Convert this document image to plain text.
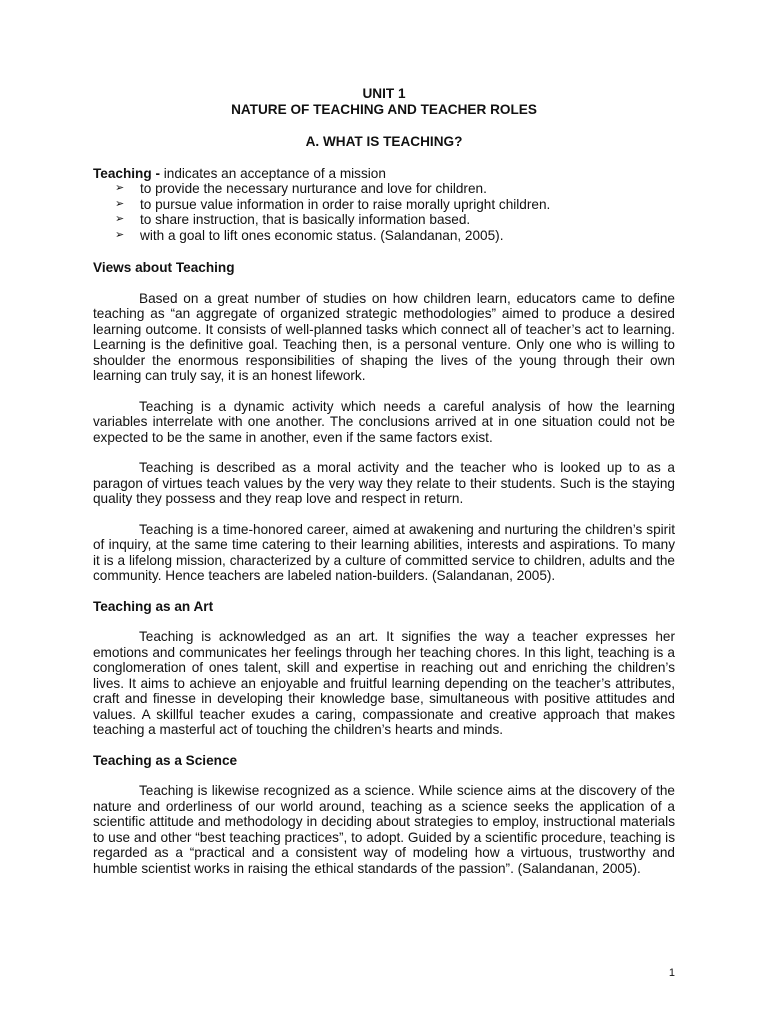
UNIT 1
NATURE OF TEACHING AND TEACHER ROLES
A. WHAT IS TEACHING?

Teaching - indicates an acceptance of a mission

➢	to provide the necessary nurturance and love for children.
➢	to pursue value information in order to raise morally upright children.
➢	to share instruction, that is basically information based.
➢	with a goal to lift ones economic status. (Salandanan, 2005).
Views about Teaching

Based on a great number of studies on how children learn, educators came to define teaching as “an aggregate of organized strategic methodologies” aimed to produce a desired learning outcome. It consists of well-planned tasks which connect all of teacher’s act to learning. Learning is the definitive goal. Teaching then, is a personal venture. Only one who is willing to shoulder the enormous responsibilities of shaping the lives of the young through their own learning can truly say, it is an honest lifework.

Teaching is a dynamic activity which needs a careful analysis of how the learning variables interrelate with one another. The conclusions arrived at in one situation could not be expected to be the same in another, even if the same factors exist.

Teaching is described as a moral activity and the teacher who is looked up to as a paragon of virtues teach values by the very way they relate to their students. Such is the staying quality they possess and they reap love and respect in return.

Teaching is a time-honored career, aimed at awakening and nurturing the children’s spirit of inquiry, at the same time catering to their learning abilities, interests and aspirations. To many it is a lifelong mission, characterized by a culture of committed service to children, adults and the community. Hence teachers are labeled nation-builders. (Salandanan, 2005).

Teaching as an Art

Teaching is acknowledged as an art. It signifies the way a teacher expresses her emotions and communicates her feelings through her teaching chores. In this light, teaching is a conglomeration of ones talent, skill and expertise in reaching out and enriching the children’s lives. It aims to achieve an enjoyable and fruitful learning depending on the teacher’s attributes, craft and finesse in developing their knowledge base, simultaneous with positive attitudes and values. A skillful teacher exudes a caring, compassionate and creative approach that makes teaching a masterful act of touching the children’s hearts and minds.

Teaching as a Science

Teaching is likewise recognized as a science. While science aims at the discovery of the nature and orderliness of our world around, teaching as a science seeks the application of a scientific attitude and methodology in deciding about strategies to employ, instructional materials to use and other “best teaching practices”, to adopt. Guided by a scientific procedure, teaching is regarded as a “practical and a consistent way of modeling how a virtuous, trustworthy and humble scientist works in raising the ethical standards of the passion”. (Salandanan, 2005).

1
